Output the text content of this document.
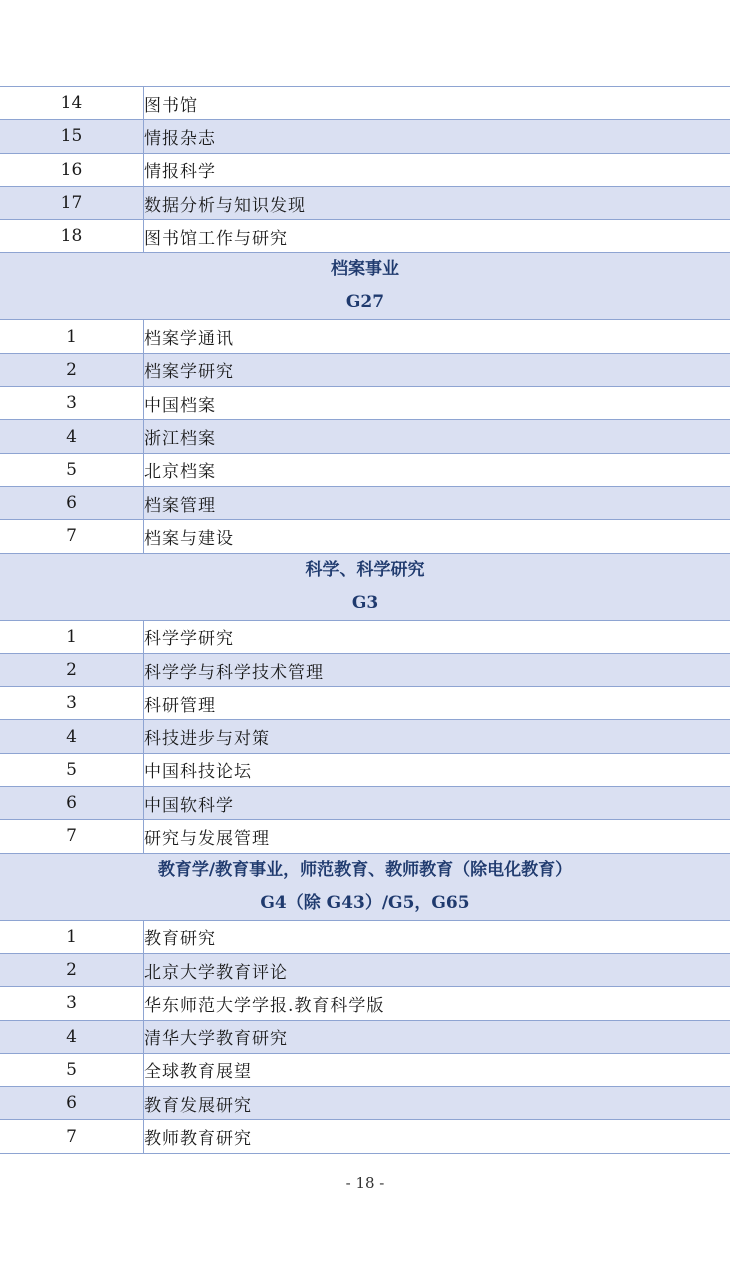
14	图书馆
15	情报杂志
16	情报科学
17	数据分析与知识发现
18	图书馆工作与研究

档案事业
G27	

1	档案学通讯
2	档案学研究
3	中国档案
4	浙江档案
5	北京档案
6	档案管理
7	档案与建设

科学、科学研究
G3	

1	科学学研究
2	科学学与科学技术管理
3	科研管理
4	科技进步与对策
5	中国科技论坛
6	中国软科学
7	研究与发展管理

教育学/教育事业，师范教育、教师教育（除电化教育）
G4（除 G43）/G5，G65	

1	教育研究
2	北京大学教育评论
3	华东师范大学学报.教育科学版
4	清华大学教育研究
5	全球教育展望
6	教育发展研究
7	教师教育研究
- 18 -
